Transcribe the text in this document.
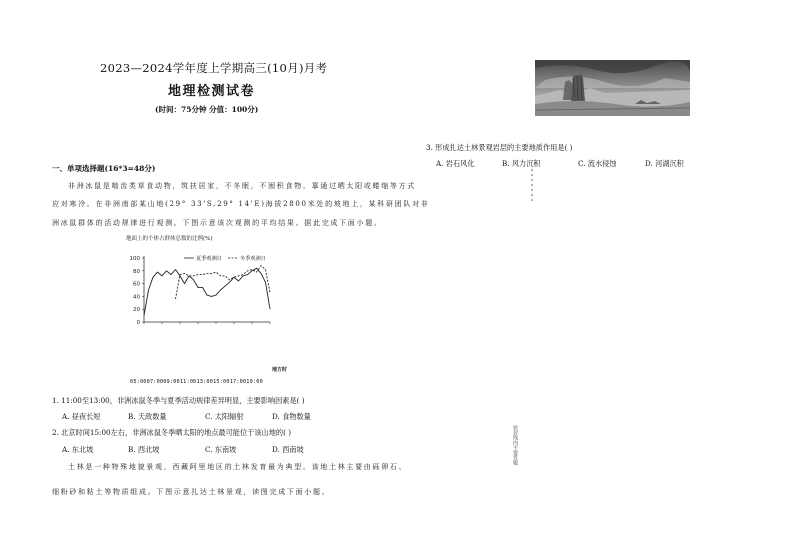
2023—2024学年度上学期高三(10月)月考
地理检测试卷
(时间：75分钟 分值：100分)
一、单项选择题(16*3=48分)
非洲冰鼠是啮齿类草食动物，筑扶居家，不冬眠，不囤积食物，靠通过晒太阳或蜷缩等方式
应对寒冷。在非洲南部某山地(29° 33'S,29° 14'E)海拔2800米处的坡地上，某科研团队对非
洲冰鼠群体的活动规律进行观测。下图示意该次观测的平均结果。据此完成下面小题。
地面上的个体占群体总数的比例(%)
100
80
60
40
20
0
夏季观测日	冬季观测日
地方时
05:0007:0009:0011:0013:0015:0017:0019:00
1. 11:00至13:00，非洲冰鼠冬季与夏季活动规律差异明显，主要影响因素是( )
A. 昼夜长短	B. 天敌数量	C. 太阳辐射	D. 食物数量
2. 北京时间15:00左右，非洲冰鼠冬季晒太阳的地点最可能位于该山地的( )
A. 东北坡	B. 西北坡	C. 东南坡	D. 西南坡
土林是一种特殊地貌景观，西藏阿里地区的土林发育最为典型。该地土林主要由砾卵石、
细粉砂和粘土等物质组成。下图示意扎达土林景观，读图完成下面小题。
3. 形成扎达土林景观岩层的主要地质作用是( )
A. 岩石风化	B. 风力沉积	C. 流水侵蚀	D. 河湖沉积
密封线内不要答题
